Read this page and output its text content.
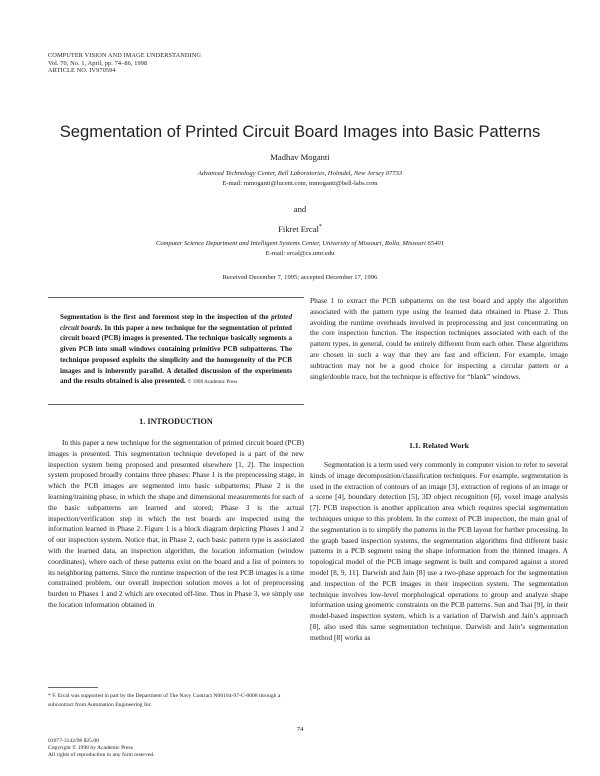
COMPUTER VISION AND IMAGE UNDERSTANDING
Vol. 70, No. 1, April, pp. 74–86, 1998
ARTICLE NO. IV970594
Segmentation of Printed Circuit Board Images into Basic Patterns
Madhav Moganti
Advanced Technology Center, Bell Laboratories, Holmdel, New Jersey 07733
E-mail: mmoganti@lucent.com, mmoganti@bell-labs.com
and
Fikret Ercal*
Computer Science Department and Intelligent Systems Center, University of Missouri, Rolla, Missouri 65401
E-mail: ercal@cs.umr.edu
Received December 7, 1995; accepted December 17, 1996
Segmentation is the first and foremost step in the inspection of the printed circuit boards. In this paper a new technique for the segmentation of printed circuit board (PCB) images is presented. The technique basically segments a given PCB into small windows containing primitive PCB subpatterns. The technique proposed exploits the simplicity and the homogeneity of the PCB images and is inherently parallel. A detailed discussion of the experiments and the results obtained is also presented. © 1998 Academic Press
1. INTRODUCTION

In this paper a new technique for the segmentation of printed circuit board (PCB) images is presented. This segmentation technique developed is a part of the new inspection system being proposed and presented elsewhere [1, 2]. The inspection system proposed broadly contains three phases: Phase 1 is the preprocessing stage, in which the PCB images are segmented into basic subpatterns; Phase 2 is the learning/training phase, in which the shape and dimensional measurements for each of the basic subpatterns are learned and stored; Phase 3 is the actual inspection/verification step in which the test boards are inspected using the information learned in Phase 2. Figure 1 is a block diagram depicting Phases 1 and 2 of our inspection system. Notice that, in Phase 2, each basic pattern type is associated with the learned data, an inspection algorithm, the location information (window coordinates), where each of these patterns exist on the board and a list of pointers to its neighboring patterns. Since the runtime inspection of the test PCB images is a time constrained problem, our overall inspection solution moves a lot of preprocessing burden to Phases 1 and 2 which are executed off-line. Thus in Phase 3, we simply use the location information obtained in

Phase 1 to extract the PCB subpatterns on the test board and apply the algorithm associated with the pattern type using the learned data obtained in Phase 2. Thus avoiding the runtime overheads involved in preprocessing and just concentrating on the core inspection function. The inspection techniques associated with each of the pattern types, in general, could be entirely different from each other. These algorithms are chosen in such a way that they are fast and efficient. For example, image subtraction may not be a good choice for inspecting a circular pattern or a single/double trace, but the technique is effective for “blank” windows.

1.1. Related Work

Segmentation is a term used very commonly in computer vision to refer to several kinds of image decomposition/classification techniques. For example, segmentation is used in the extraction of contours of an image [3], extraction of regions of an image or a scene [4], boundary detection [5], 3D object recognition [6], voxel image analysis [7]. PCB inspection is another application area which requires special segmentation techniques unique to this problem. In the context of PCB inspection, the main goal of the segmentation is to simplify the patterns in the PCB layout for further processing. In the graph based inspection systems, the segmentation algorithms find different basic patterns in a PCB segment using the shape information from the thinned images. A topological model of the PCB image segment is built and compared against a stored model [8, 9, 11]. Darwish and Jain [8] use a two-phase approach for the segmentation and inspection of the PCB images in their inspection system. The segmentation technique involves low-level morphological operations to group and analyze shape information using geometric constraints on the PCB patterns. Sun and Tsai [9], in their model-based inspection system, which is a variation of Darwish and Jain’s approach [8], also used this same segmentation technique. Darwish and Jain’s segmentation method [8] works as

* F. Ercal was supported in part by the Department of The Navy Contract N00164-97-C-0008 through a subcontract from Automation Engineering Inc.
74
01077-3142/98 $25.00
Copyright © 1998 by Academic Press
All rights of reproduction in any form reserved.
